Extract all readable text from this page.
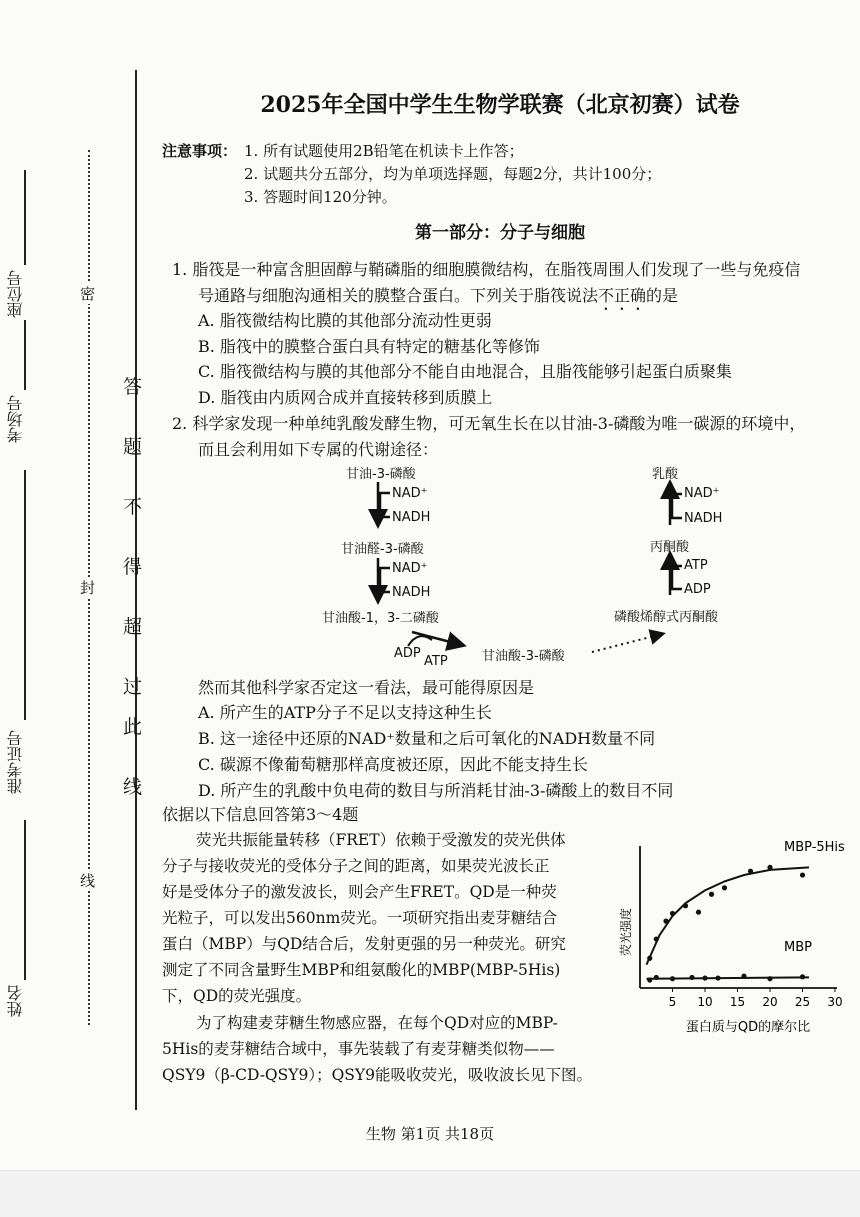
座位号
考场号
准考证号
姓名
密
封
线
答
题
不
得
超
过
此
线
2025年全国中学生生物学联赛（北京初赛）试卷
注意事项： 1. 所有试题使用2B铅笔在机读卡上作答；
2. 试题共分五部分，均为单项选择题，每题2分，共计100分；
3. 答题时间120分钟。
第一部分：分子与细胞
1. 脂筏是一种富含胆固醇与鞘磷脂的细胞膜微结构，在脂筏周围人们发现了一些与免疫信
号通路与细胞沟通相关的膜整合蛋白。下列关于脂筏说法不正确的是
A. 脂筏微结构比膜的其他部分流动性更弱
B. 脂筏中的膜整合蛋白具有特定的糖基化等修饰
C. 脂筏微结构与膜的其他部分不能自由地混合，且脂筏能够引起蛋白质聚集
D. 脂筏由内质网合成并直接转移到质膜上
2. 科学家发现一种单纯乳酸发酵生物，可无氧生长在以甘油-3-磷酸为唯一碳源的环境中，
而且会利用如下专属的代谢途径：
甘油-3-磷酸
NAD⁺
NADH
甘油醛-3-磷酸
NAD⁺
NADH
甘油酸-1，3-二磷酸
ADP
ATP	甘油酸-3-磷酸
乳酸
NAD⁺
NADH
丙酮酸
ATP
ADP
磷酸烯醇式丙酮酸
然而其他科学家否定这一看法，最可能得原因是
A. 所产生的ATP分子不足以支持这种生长
B. 这一途径中还原的NAD⁺数量和之后可氧化的NADH数量不同
C. 碳源不像葡萄糖那样高度被还原，因此不能支持生长
D. 所产生的乳酸中负电荷的数目与所消耗甘油-3-磷酸上的数目不同
依据以下信息回答第3～4题
荧光共振能量转移（FRET）依赖于受激发的荧光供体
分子与接收荧光的受体分子之间的距离，如果荧光波长正
好是受体分子的激发波长，则会产生FRET。QD是一种荧
光粒子，可以发出560nm荧光。一项研究指出麦芽糖结合
蛋白（MBP）与QD结合后，发射更强的另一种荧光。研究
测定了不同含量野生MBP和组氨酸化的MBP(MBP-5His)
下，QD的荧光强度。
为了构建麦芽糖生物感应器，在每个QD对应的MBP-
5His的麦芽糖结合域中，事先装载了有麦芽糖类似物——
QSY9（β-CD-QSY9）；QSY9能吸收荧光，吸收波长见下图。
5 10 15 20 25 30
MBP-5His
MBP
荧光强度
蛋白质与QD的摩尔比
生物 第1页 共18页
